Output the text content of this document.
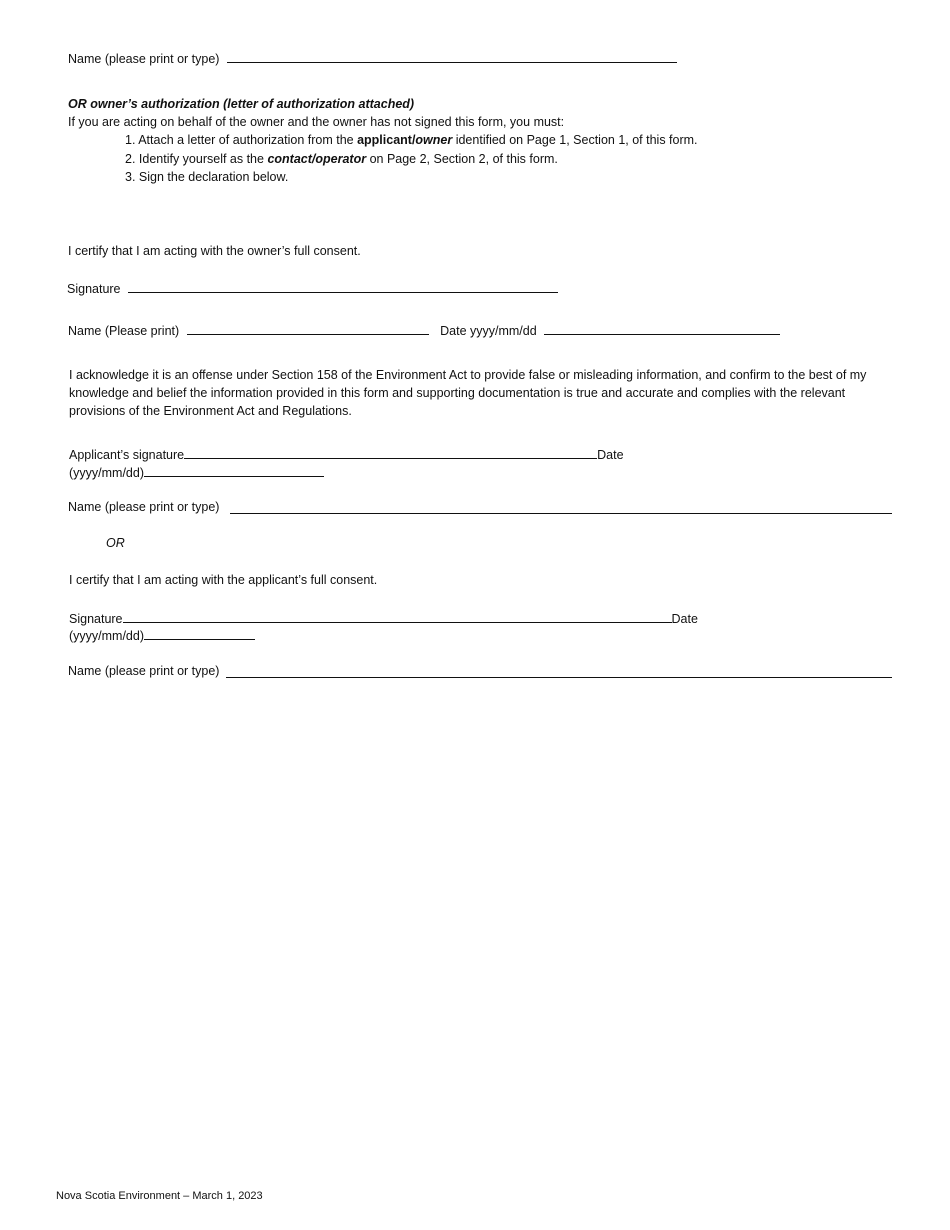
Name (please print or type)
OR owner’s authorization (letter of authorization attached)
If you are acting on behalf of the owner and the owner has not signed this form, you must:
1. Attach a letter of authorization from the applicant/owner identified on Page 1, Section 1, of this form.
2. Identify yourself as the contact/operator on Page 2, Section 2, of this form.
3. Sign the declaration below.
I certify that I am acting with the owner’s full consent.
Signature
Name (Please print)	Date yyyy/mm/dd
I acknowledge it is an offense under Section 158 of the Environment Act to provide false or misleading information, and confirm to the best of my knowledge and belief the information provided in this form and supporting documentation is true and accurate and complies with the relevant provisions of the Environment Act and Regulations.
Applicant’s signature	Date
(yyyy/mm/dd)
Name (please print or type)
OR
I certify that I am acting with the applicant’s full consent.
Signature	Date
(yyyy/mm/dd)
Name (please print or type)
Nova Scotia Environment – March 1, 2023
